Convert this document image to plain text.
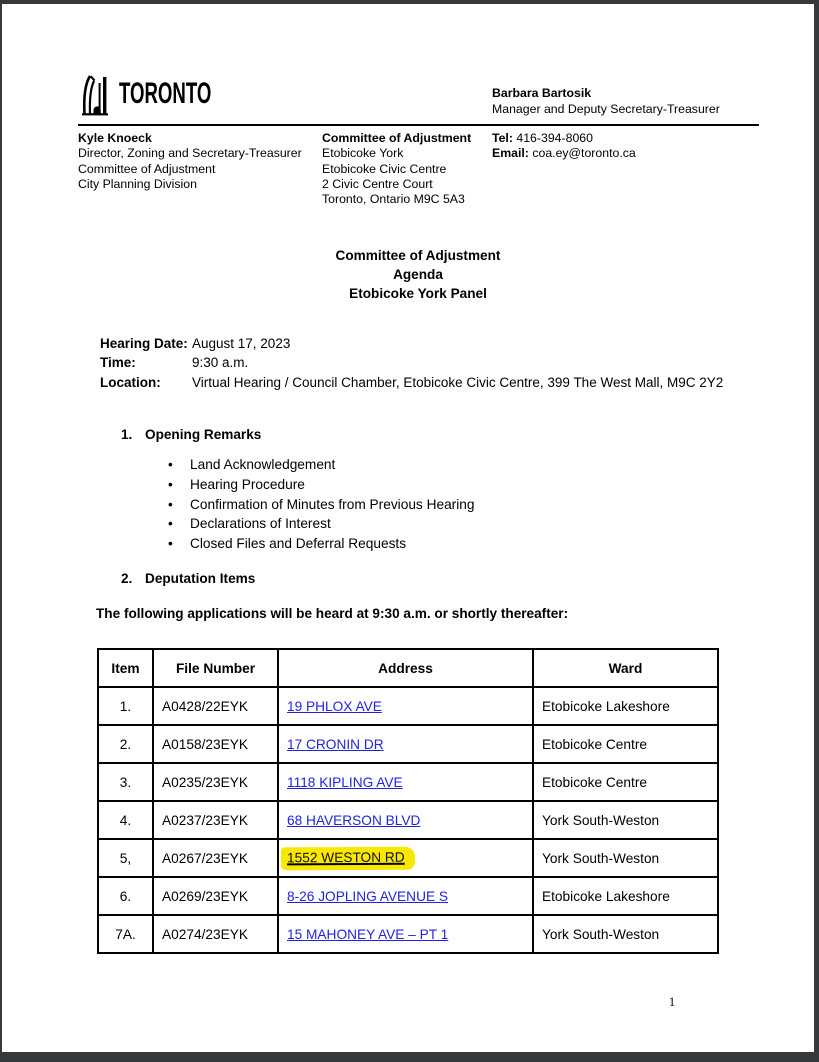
TORONTO	Barbara Bartosik
Manager and Deputy Secretary-Treasurer
Kyle Knoeck
Director, Zoning and Secretary-Treasurer
Committee of Adjustment
City Planning Division
Committee of Adjustment
Etobicoke York
Etobicoke Civic Centre
2 Civic Centre Court
Toronto, Ontario M9C 5A3
Tel: 416-394-8060
Email: coa.ey@toronto.ca
Committee of Adjustment
Agenda
Etobicoke York Panel
Hearing Date: August 17, 2023
Time:	9:30 a.m.
Location:	Virtual Hearing / Council Chamber, Etobicoke Civic Centre, 399 The West Mall, M9C 2Y2
1. Opening Remarks
•	Land Acknowledgement
•	Hearing Procedure
•	Confirmation of Minutes from Previous Hearing
•	Declarations of Interest
•	Closed Files and Deferral Requests
2. Deputation Items
The following applications will be heard at 9:30 a.m. or shortly thereafter:
Item	File Number	Address	Ward
1.	A0428/22EYK	19 PHLOX AVE	Etobicoke Lakeshore
2.	A0158/23EYK	17 CRONIN DR	Etobicoke Centre
3.	A0235/23EYK	1118 KIPLING AVE	Etobicoke Centre
4.	A0237/23EYK	68 HAVERSON BLVD	York South-Weston
5,	A0267/23EYK	1552 WESTON RD	York South-Weston
6.	A0269/23EYK	8-26 JOPLING AVENUE S	Etobicoke Lakeshore
7A.	A0274/23EYK	15 MAHONEY AVE – PT 1	York South-Weston
1
